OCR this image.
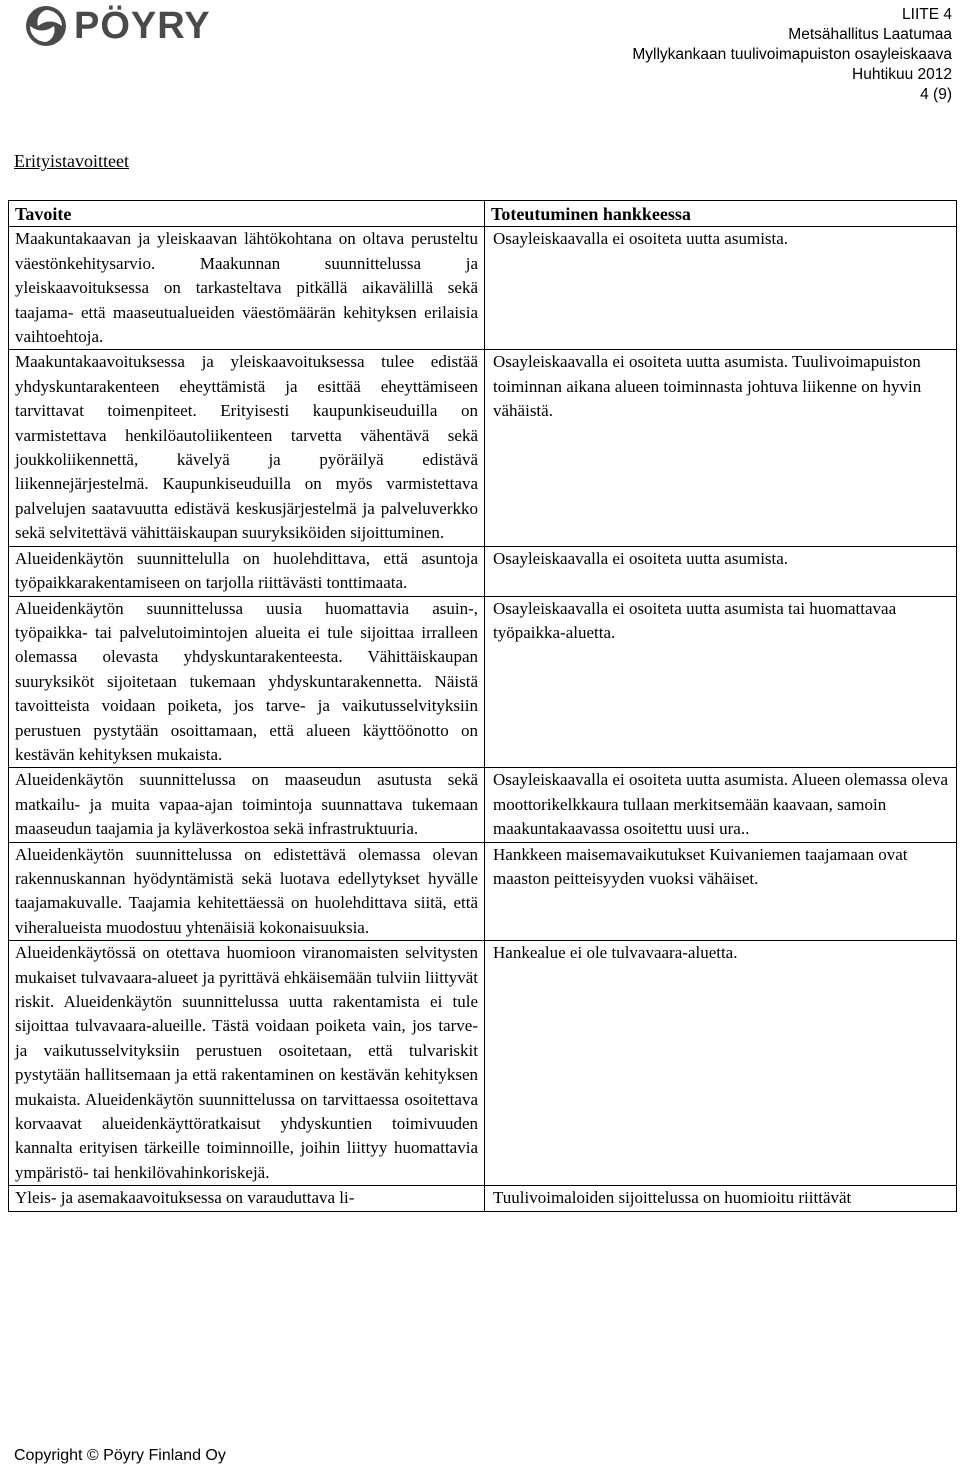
PÖYRY	LIITE 4
Metsähallitus Laatumaa
Myllykankaan tuulivoimapuiston osayleiskaava
Huhtikuu 2012
4 (9)
Erityistavoitteet
Tavoite	Toteutuminen hankkeessa
Maakuntakaavan ja yleiskaavan lähtökohtana on oltava perusteltu väestönkehitysarvio. Maakunnan suunnittelussa ja yleiskaavoituksessa on tarkasteltava pitkällä aikavälillä sekä taajama- että maaseutualueiden väestömäärän kehityksen erilaisia vaihtoehtoja.	Osayleiskaavalla ei osoiteta uutta asumista.
Maakuntakaavoituksessa ja yleiskaavoituksessa tulee edistää yhdyskuntarakenteen eheyttämistä ja esittää eheyttämiseen tarvittavat toimenpiteet. Erityisesti kaupunkiseuduilla on varmistettava henkilöautoliikenteen tarvetta vähentävä sekä joukkoliikennettä, kävelyä ja pyöräilyä edistävä liikennejärjestelmä. Kaupunkiseuduilla on myös varmistettava palvelujen saatavuutta edistävä keskusjärjestelmä ja palveluverkko sekä selvitettävä vähittäiskaupan suuryksiköiden sijoittuminen.	Osayleiskaavalla ei osoiteta uutta asumista. Tuulivoimapuiston toiminnan aikana alueen toiminnasta johtuva liikenne on hyvin vähäistä.
Alueidenkäytön suunnittelulla on huolehdittava, että asuntoja työpaikkarakentamiseen on tarjolla riittävästi tonttimaata.	Osayleiskaavalla ei osoiteta uutta asumista.
Alueidenkäytön suunnittelussa uusia huomattavia asuin-, työpaikka- tai palvelutoimintojen alueita ei tule sijoittaa irralleen olemassa olevasta yhdyskuntarakenteesta. Vähittäiskaupan suuryksiköt sijoitetaan tukemaan yhdyskuntarakennetta. Näistä tavoitteista voidaan poiketa, jos tarve- ja vaikutusselvityksiin perustuen pystytään osoittamaan, että alueen käyttöönotto on kestävän kehityksen mukaista.	Osayleiskaavalla ei osoiteta uutta asumista tai huomattavaa työpaikka-aluetta.
Alueidenkäytön suunnittelussa on maaseudun asutusta sekä matkailu- ja muita vapaa-ajan toimintoja suunnattava tukemaan maaseudun taajamia ja kyläverkostoa sekä infrastruktuuria.	Osayleiskaavalla ei osoiteta uutta asumista. Alueen olemassa oleva moottorikelkkaura tullaan merkitsemään kaavaan, samoin maakuntakaavassa osoitettu uusi ura..
Alueidenkäytön suunnittelussa on edistettävä olemassa olevan rakennuskannan hyödyntämistä sekä luotava edellytykset hyvälle taajamakuvalle. Taajamia kehitettäessä on huolehdittava siitä, että viheralueista muodostuu yhtenäisiä kokonaisuuksia.	Hankkeen maisemavaikutukset Kuivaniemen taajamaan ovat maaston peitteisyyden vuoksi vähäiset.
Alueidenkäytössä on otettava huomioon viranomaisten selvitysten mukaiset tulvavaara-alueet ja pyrittävä ehkäisemään tulviin liittyvät riskit. Alueidenkäytön suunnittelussa uutta rakentamista ei tule sijoittaa tulvavaara-alueille. Tästä voidaan poiketa vain, jos tarve- ja vaikutusselvityksiin perustuen osoitetaan, että tulvariskit pystytään hallitsemaan ja että rakentaminen on kestävän kehityksen mukaista. Alueidenkäytön suunnittelussa on tarvittaessa osoitettava korvaavat alueidenkäyttöratkaisut yhdyskuntien toimivuuden kannalta erityisen tärkeille toiminnoille, joihin liittyy huomattavia ympäristö- tai henkilövahinkoriskejä.	Hankealue ei ole tulvavaara-aluetta.
Yleis- ja asemakaavoituksessa on varauduttava li-	Tuulivoimaloiden sijoittelussa on huomioitu riittävät
Copyright © Pöyry Finland Oy
